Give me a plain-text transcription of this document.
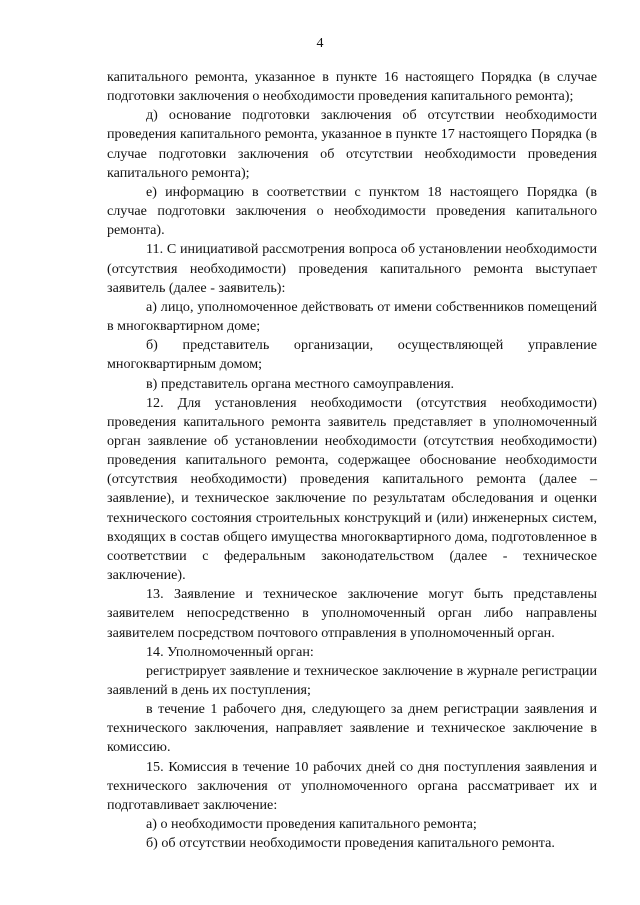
4

капитального ремонта, указанное в пункте 16 настоящего Порядка (в случае подготовки заключения о необходимости проведения капитального ремонта);

д) основание подготовки заключения об отсутствии необходимости проведения капитального ремонта, указанное в пункте 17 настоящего Порядка (в случае подготовки заключения об отсутствии необходимости проведения капитального ремонта);

е) информацию в соответствии с пунктом 18 настоящего Порядка (в случае подготовки заключения о необходимости проведения капитального ремонта).

11. С инициативой рассмотрения вопроса об установлении необходимости (отсутствия необходимости) проведения капитального ремонта выступает заявитель (далее - заявитель):

а) лицо, уполномоченное действовать от имени собственников помещений в многоквартирном доме;

б) представитель организации, осуществляющей управление многоквартирным домом;

в) представитель органа местного самоуправления.

12. Для установления необходимости (отсутствия необходимости) проведения капитального ремонта заявитель представляет в уполномоченный орган заявление об установлении необходимости (отсутствия необходимости) проведения капитального ремонта, содержащее обоснование необходимости (отсутствия необходимости) проведения капитального ремонта (далее – заявление), и техническое заключение по результатам обследования и оценки технического состояния строительных конструкций и (или) инженерных систем, входящих в состав общего имущества многоквартирного дома, подготовленное в соответствии с федеральным законодательством (далее - техническое заключение).

13. Заявление и техническое заключение могут быть представлены заявителем непосредственно в уполномоченный орган либо направлены заявителем посредством почтового отправления в уполномоченный орган.

14. Уполномоченный орган:

регистрирует заявление и техническое заключение в журнале регистрации заявлений в день их поступления;

в течение 1 рабочего дня, следующего за днем регистрации заявления и технического заключения, направляет заявление и техническое заключение в комиссию.

15. Комиссия в течение 10 рабочих дней со дня поступления заявления и технического заключения от уполномоченного органа рассматривает их и подготавливает заключение:

а) о необходимости проведения капитального ремонта;

б) об отсутствии необходимости проведения капитального ремонта.
